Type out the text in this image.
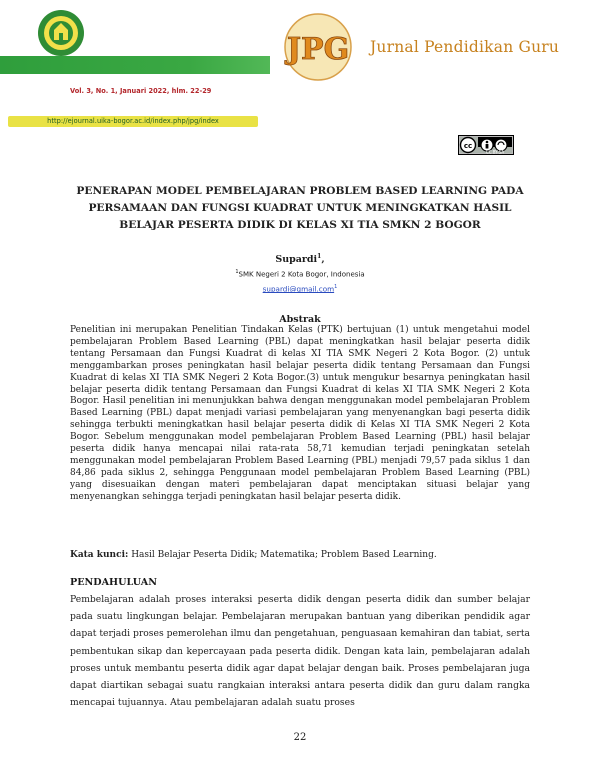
http://ejournal.uika-bogor.ac.id/index.php/jpg/index
JPG Jurnal Pendidikan Guru
Vol. 3, No. 1, Januari 2022, hlm. 22-29
cc
CC BY-SA
PENERAPAN MODEL PEMBELAJARAN PROBLEM BASED LEARNING PADA PERSAMAAN DAN FUNGSI KUADRAT UNTUK MENINGKATKAN HASIL BELAJAR PESERTA DIDIK DI KELAS XI TIA SMKN 2 BOGOR
Supardi$^1$,
$^1$SMK Negeri 2 Kota Bogor, Indonesia
supardi@gmail.com$^1$
Abstrak
Penelitian ini merupakan Penelitian Tindakan Kelas (PTK) bertujuan (1) untuk mengetahui model pembelajaran Problem Based Learning (PBL) dapat meningkatkan hasil belajar peserta didik tentang Persamaan dan Fungsi Kuadrat di kelas XI TIA SMK Negeri 2 Kota Bogor. (2) untuk menggambarkan proses peningkatan hasil belajar peserta didik tentang Persamaan dan Fungsi Kuadrat di kelas XI TIA SMK Negeri 2 Kota Bogor.(3) untuk mengukur besarnya peningkatan hasil belajar peserta didik tentang Persamaan dan Fungsi Kuadrat di kelas XI TIA SMK Negeri 2 Kota Bogor. Hasil penelitian ini menunjukkan bahwa dengan menggunakan model pembelajaran Problem Based Learning (PBL) dapat menjadi variasi pembelajaran yang menyenangkan bagi peserta didik sehingga terbukti meningkatkan hasil belajar peserta didik di Kelas XI TIA SMK Negeri 2 Kota Bogor. Sebelum menggunakan model pembelajaran Problem Based Learning (PBL) hasil belajar peserta didik hanya mencapai nilai rata-rata 58,71 kemudian terjadi peningkatan setelah menggunakan model pembelajaran Problem Based Learning (PBL) menjadi 79,57 pada siklus 1 dan 84,86 pada siklus 2, sehingga Penggunaan model pembelajaran Problem Based Learning (PBL) yang disesuaikan dengan materi pembelajaran dapat menciptakan situasi belajar yang menyenangkan sehingga terjadi peningkatan hasil belajar peserta didik.
Kata kunci: Hasil Belajar Peserta Didik; Matematika; Problem Based Learning.
PENDAHULUAN
Pembelajaran adalah proses interaksi peserta didik dengan peserta didik dan sumber belajar pada suatu lingkungan belajar. Pembelajaran merupakan bantuan yang diberikan pendidik agar dapat terjadi proses pemerolehan ilmu dan pengetahuan, penguasaan kemahiran dan tabiat, serta pembentukan sikap dan kepercayaan pada peserta didik. Dengan kata lain, pembelajaran adalah proses untuk membantu peserta didik agar dapat belajar dengan baik. Proses pembelajaran juga dapat diartikan sebagai suatu rangkaian interaksi antara peserta didik dan guru dalam rangka mencapai tujuannya. Atau pembelajaran adalah suatu proses
22
